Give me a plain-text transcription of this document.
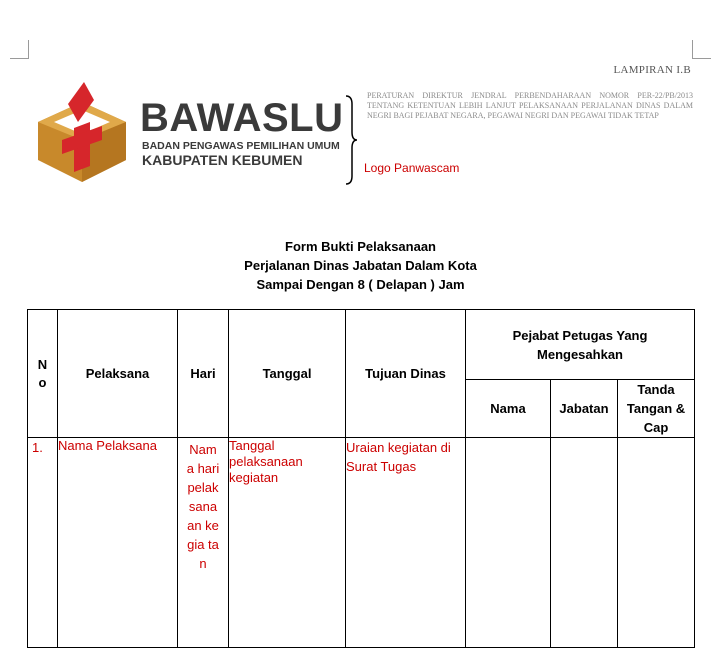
LAMPIRAN I.B
BAWASLU
BADAN PENGAWAS PEMILIHAN UMUM
KABUPATEN KEBUMEN
PERATURAN DIREKTUR JENDRAL PERBENDAHARAAN NOMOR PER-22/PB/2013 TENTANG KETENTUAN LEBIH LANJUT PELAKSANAAN PERJALANAN DINAS DALAM NEGRI BAGI PEJABAT NEGARA, PEGAWAI NEGRI DAN PEGAWAI TIDAK TETAP
Logo Panwascam
Form Bukti Pelaksanaan
Perjalanan Dinas Jabatan Dalam Kota
Sampai Dengan 8 ( Delapan ) Jam
N
o	Pelaksana	Hari	Tanggal	Tujuan Dinas	Pejabat Petugas Yang Mengesahkan		
					Nama	Jabatan	Tanda Tangan & Cap
1.	Nama Pelaksana	Nam a hari pelak sana an kegia tan	Tanggal pelaksanaan kegiatan	Uraian kegiatan di Surat Tugas			
